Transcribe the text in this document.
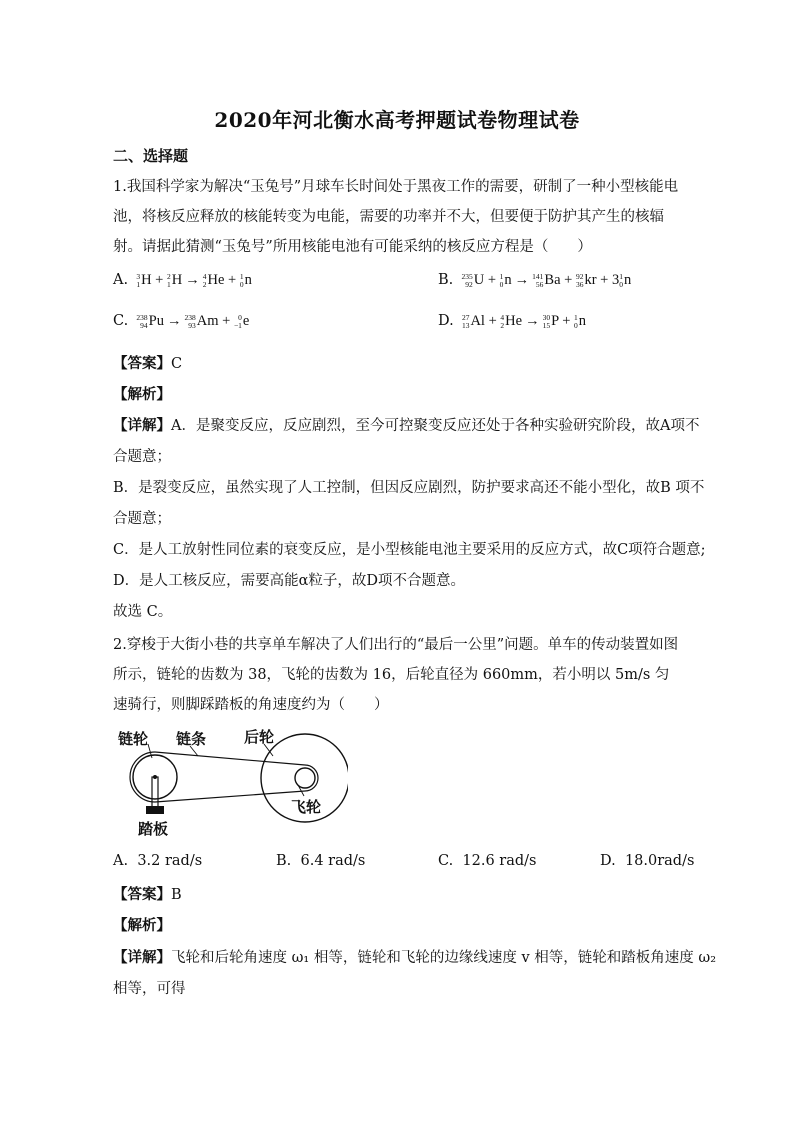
2020年河北衡水高考押题试卷物理试卷
二、选择题
1.我国科学家为解决“玉兔号”月球车长时间处于黑夜工作的需要，研制了一种小型核能电池，将核反应释放的核能转变为电能，需要的功率并不大，但要便于防护其产生的核辐射。请据此猜测“玉兔号”所用核能电池有可能采纳的核反应方程是（　　）
A. 3
1 H + 2
1 H → 4
2 He + 1
0 n	B. 235
92 U + 1
0 n → 141
56 Ba + 92
36 kr + 3 1
0 n
C. 238
94 Pu → 238
93 Am + 0
−1 e	D. 27
13 Al + 4
2 He → 30
15 P + 1
0 n
【答案】C
【解析】
【详解】A．是聚变反应，反应剧烈，至今可控聚变反应还处于各种实验研究阶段，故A项不
合题意；
B．是裂变反应，虽然实现了人工控制，但因反应剧烈，防护要求高还不能小型化，故B 项不
合题意；
C．是人工放射性同位素的衰变反应，是小型核能电池主要采用的反应方式，故C项符合题意;
D．是人工核反应，需要高能α粒子，故D项不合题意。
故选 C。
2.穿梭于大街小巷的共享单车解决了人们出行的“最后一公里”问题。单车的传动装置如图所示，链轮的齿数为 38，飞轮的齿数为 16，后轮直径为 660mm，若小明以 5m/s 匀速骑行，则脚踩踏板的角速度约为（　　）
链轮 链条	后轮
飞轮
踏板
A. 3.2 rad/s	B. 6.4 rad/s	C. 12.6 rad/s	D. 18.0rad/s
【答案】B
【解析】
【详解】飞轮和后轮角速度 ω₁ 相等，链轮和飞轮的边缘线速度 v 相等，链轮和踏板角速度 ω₂
相等，可得
